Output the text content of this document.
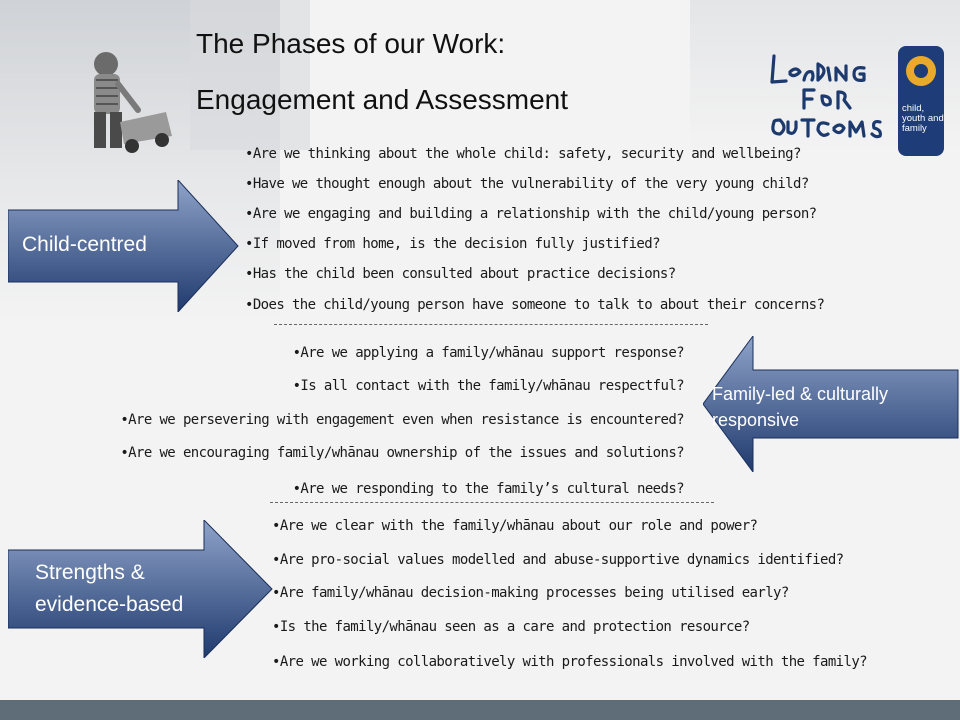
The Phases of our Work:
Engagement and Assessment	child, youth and family
Child-centred
Family-led & culturally
responsive
Strengths &
evidence-based
•Are we thinking about the whole child: safety, security and wellbeing?
•Have we thought enough about the vulnerability of the very young child?
•Are we engaging and building a relationship with the child/young person?
•If moved from home, is the decision fully justified?
•Has the child been consulted about practice decisions?
•Does the child/young person have someone to talk to about their concerns?
•Are we applying a family/whānau support response?
•Is all contact with the family/whānau respectful?
•Are we persevering with engagement even when resistance is encountered?
•Are we encouraging family/whānau ownership of the issues and solutions?
•Are we responding to the family’s cultural needs?
•Are we clear with the family/whānau about our role and power?
•Are pro-social values modelled and abuse-supportive dynamics identified?
•Are family/whānau decision-making processes being utilised early?
•Is the family/whānau seen as a care and protection resource?
•Are we working collaboratively with professionals involved with the family?
